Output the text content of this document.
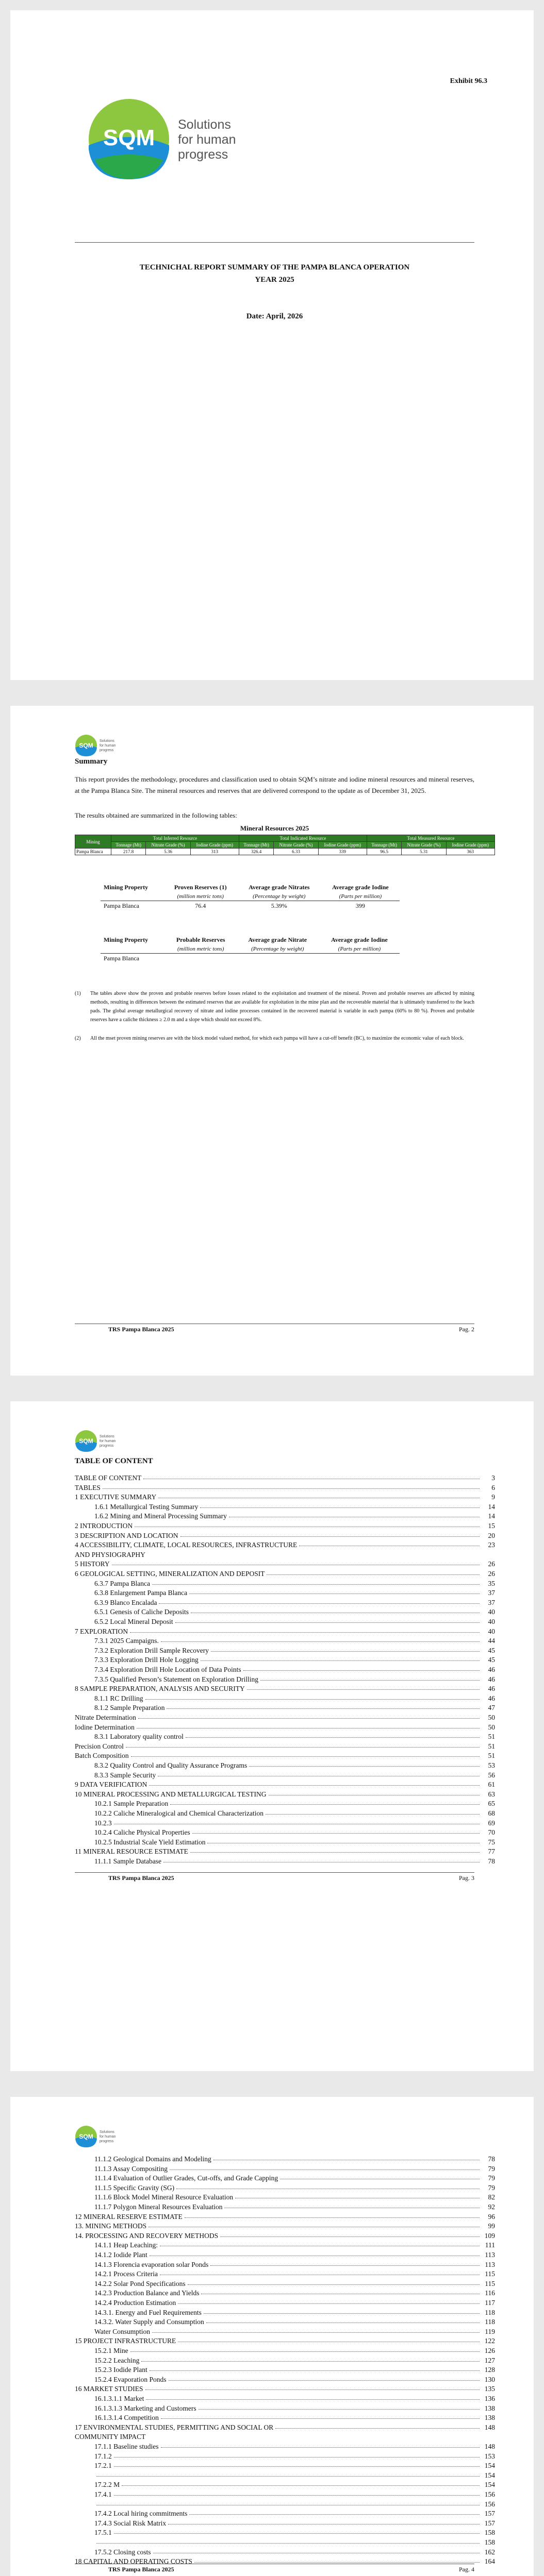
Exhibit 96.3
SQM
Solutions
for human
progress
TECHNICHAL REPORT SUMMARY OF THE PAMPA BLANCA OPERATION
YEAR 2025
Date: April, 2026
SQM
Solutions
for human
progress
Summary
This report provides the methodology, procedures and classification used to obtain SQM’s nitrate and iodine mineral resources and mineral reserves, at the Pampa Blanca Site. The mineral resources and reserves that are delivered correspond to the update as of December 31, 2025.
The results obtained are summarized in the following tables:
Mineral Resources 2025
Mining	Total Inferred Resource			Total Indicated Resource			Total Measured Resource		
	Tonnage (Mt)	Nitrate Grade (%)	Iodine Grade (ppm)	Tonnage (Mt)	Nitrate Grade (%)	Iodine Grade (ppm)	Tonnage (Mt)	Nitrate Grade (%)	Iodine Grade (ppm)
Pampa Blanca	217.8	5.36	313	326.4	6.33	339	96.5	5.31	363
Mining Property	Proven Reserves (1)	Average grade Nitrates	Average grade Iodine
	(million metric tons)	(Percentage by weight)	(Parts per million)
Pampa Blanca	76.4	5.39%	399
Mining Property	Probable Reserves	Average grade Nitrate	Average grade Iodine
	(million metric tons)	(Percentage by weight)	(Parts per million)
Pampa Blanca			
(1) The tables above show the proven and probable reserves before losses related to the exploitation and treatment of the mineral. Proven and probable reserves are affected by mining methods, resulting in differences between the estimated reserves that are available for exploitation in the mine plan and the recoverable material that is ultimately transferred to the leach pads. The global average metallurgical recovery of nitrate and iodine processes contained in the recovered material is variable in each pampa (60% to 80 %). Proven and probable reserves have a caliche thickness ≥ 2.0 m and a slope which should not exceed 8%.
(2) All the mset proven mining reserves are with the block model valued method, for which each pampa will have a cut-off benefit (BC), to maximize the economic value of each block.
TRS Pampa Blanca 2025	Pag. 2
SQM
Solutions
for human
progress
TABLE OF CONTENT
TABLE OF CONTENT	3
TABLES	6
1 EXECUTIVE SUMMARY	9
1.6.1 Metallurgical Testing Summary	14
1.6.2 Mining and Mineral Processing Summary	14
2 INTRODUCTION	15
3 DESCRIPTION AND LOCATION	20
4 ACCESSIBILITY, CLIMATE, LOCAL RESOURCES, INFRASTRUCTURE	23
AND PHYSIOGRAPHY
5 HISTORY	26
6 GEOLOGICAL SETTING, MINERALIZATION AND DEPOSIT	26
6.3.7 Pampa Blanca	35
6.3.8 Enlargement Pampa Blanca	37
6.3.9 Blanco Encalada	37
6.5.1 Genesis of Caliche Deposits	40
6.5.2 Local Mineral Deposit	40
7 EXPLORATION	40
7.3.1 2025 Campaigns.	44
7.3.2 Exploration Drill Sample Recovery	45
7.3.3 Exploration Drill Hole Logging	45
7.3.4 Exploration Drill Hole Location of Data Points	46
7.3.5 Qualified Person’s Statement on Exploration Drilling	46
8 SAMPLE PREPARATION, ANALYSIS AND SECURITY	46
8.1.1 RC Drilling	46
8.1.2 Sample Preparation	47
Nitrate Determination	50
Iodine Determination	50
8.3.1 Laboratory quality control	51
Precision Control	51
Batch Composition	51
8.3.2 Quality Control and Quality Assurance Programs	53
8.3.3 Sample Security	56
9 DATA VERIFICATION	61
10 MINERAL PROCESSING AND METALLURGICAL TESTING	63
10.2.1 Sample Preparation	65
10.2.2 Caliche Mineralogical and Chemical Characterization	68
10.2.3	69
10.2.4 Caliche Physical Properties	70
10.2.5 Industrial Scale Yield Estimation	75
11 MINERAL RESOURCE ESTIMATE	77
11.1.1 Sample Database	78
TRS Pampa Blanca 2025	Pag. 3
SQM
Solutions
for human
progress
11.1.2 Geological Domains and Modeling	78
11.1.3 Assay Compositing	79
11.1.4 Evaluation of Outlier Grades, Cut-offs, and Grade Capping	79
11.1.5 Specific Gravity (SG)	79
11.1.6 Block Model Mineral Resource Evaluation	82
11.1.7 Polygon Mineral Resources Evaluation	92
12 MINERAL RESERVE ESTIMATE	96
13. MINING METHODS	99
14. PROCESSING AND RECOVERY METHODS	109
14.1.1 Heap Leaching:	111
14.1.2 Iodide Plant	113
14.1.3 Florencia evaporation solar Ponds	113
14.2.1 Process Criteria	115
14.2.2 Solar Pond Specifications	115
14.2.3 Production Balance and Yields	116
14.2.4 Production Estimation	117
14.3.1. Energy and Fuel Requirements	118
14.3.2. Water Supply and Consumption	118
Water Consumption	119
15 PROJECT INFRASTRUCTURE	122
15.2.1 Mine	126
15.2.2 Leaching	127
15.2.3 Iodide Plant	128
15.2.4 Evaporation Ponds	130
16 MARKET STUDIES	135
16.1.3.1.1 Market	136
16.1.3.1.3 Marketing and Customers	138
16.1.3.1.4 Competition	138
17 ENVIRONMENTAL STUDIES, PERMITTING AND SOCIAL OR	148
COMMUNITY IMPACT
17.1.1 Baseline studies	148
17.1.2	153
17.2.1	154
154
17.2.2 M	154
17.4.1	156
156
17.4.2 Local hiring commitments	157
17.4.3 Social Risk Matrix	157
17.5.1	158
158
17.5.2 Closing costs	162
18 CAPITAL AND OPERATING COSTS	164
TRS Pampa Blanca 2025	Pag. 4
